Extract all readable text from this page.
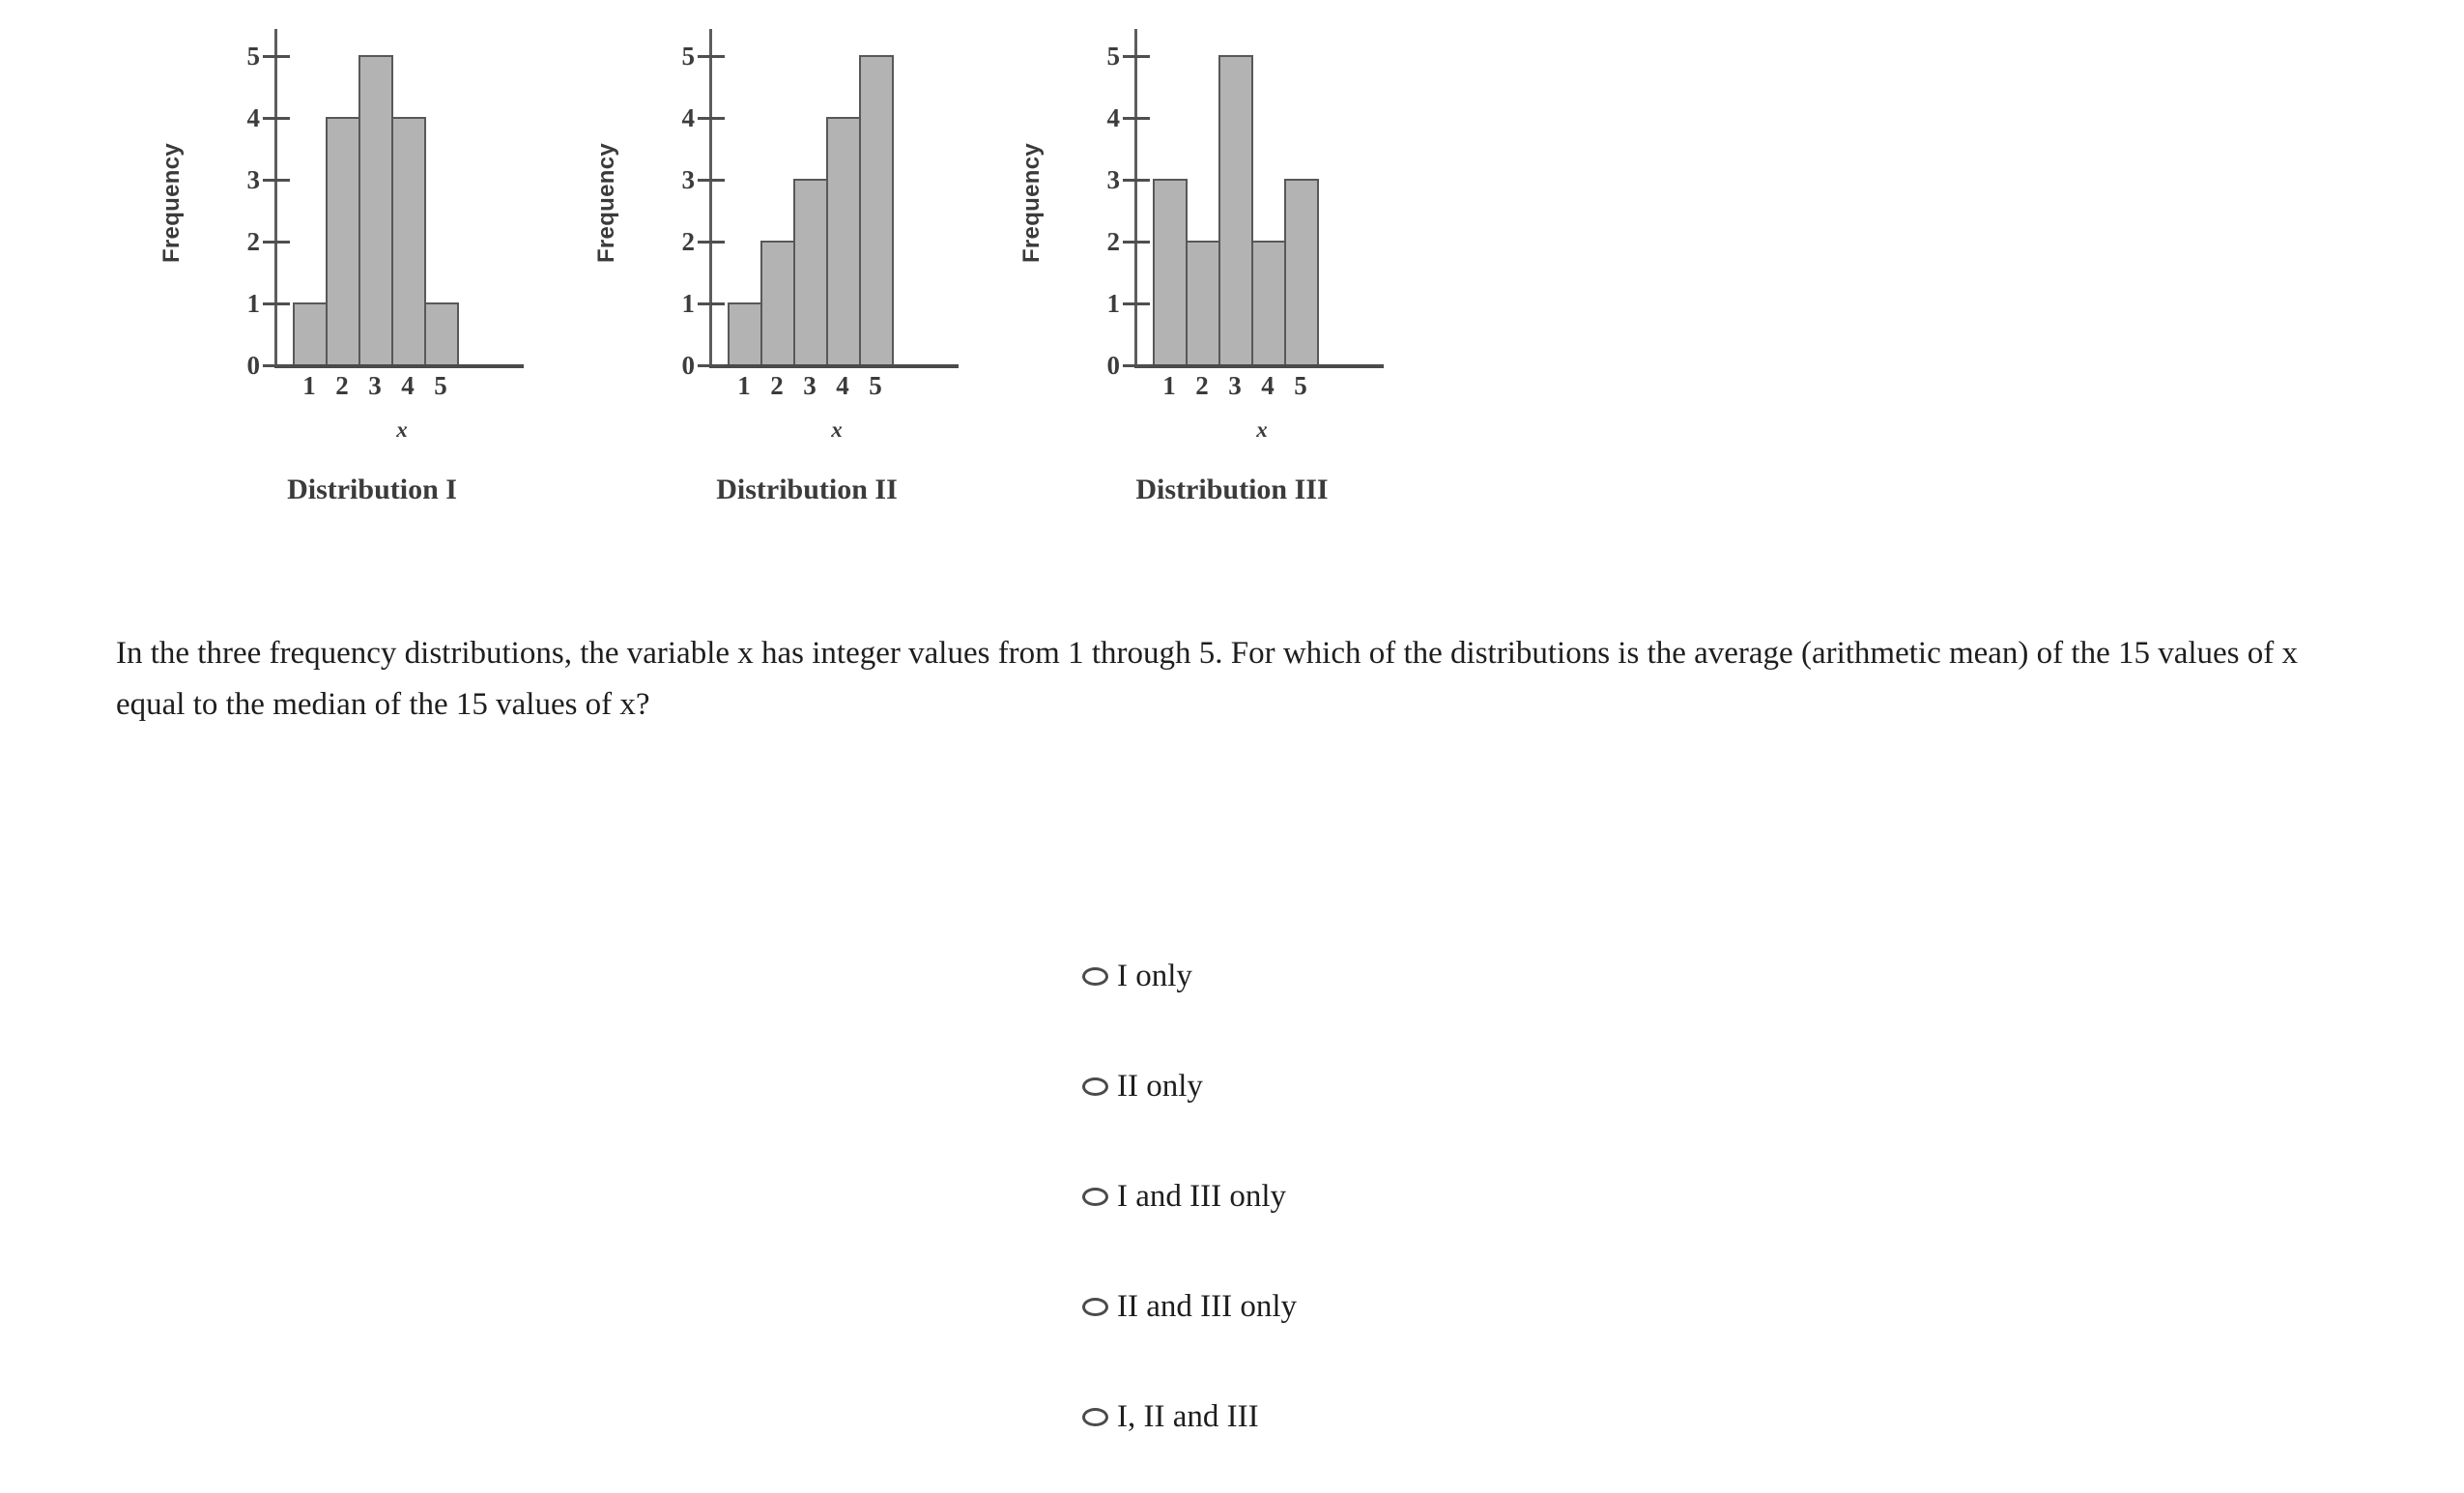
Frequency
5
4
3
2
1
0
1 2 3 4 5
x
Distribution I
Frequency
5
4
3
2
1
0
1 2 3 4 5
x
Distribution II
Frequency
5
4
3
2
1
0
1 2 3 4 5
x
Distribution III
In the three frequency distributions, the variable x has integer values from 1 through 5. For which of the distributions is the average (arithmetic mean) of the 15 values of x equal to the median of the 15 values of x?
I only
II only
I and III only
II and III only
I, II and III
